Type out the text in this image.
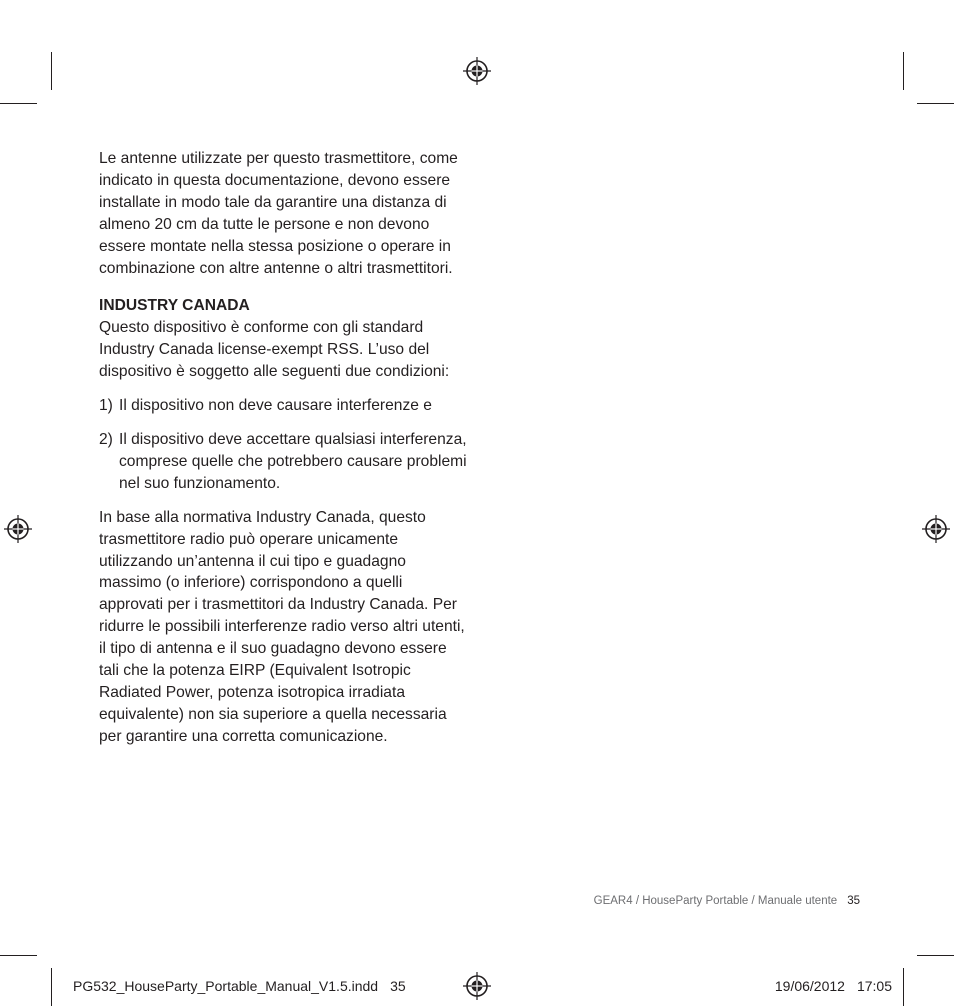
Le antenne utilizzate per questo trasmettitore, come indicato in questa documentazione, devono essere installate in modo tale da garantire una distanza di almeno 20 cm da tutte le persone e non devono essere montate nella stessa posizione o operare in combinazione con altre antenne o altri trasmettitori.

INDUSTRY CANADA

Questo dispositivo è conforme con gli standard Industry Canada license-exempt RSS. L’uso del dispositivo è soggetto alle seguenti due condizioni:

1) Il dispositivo non deve causare interferenze e
2) Il dispositivo deve accettare qualsiasi interferenza, comprese quelle che potrebbero causare problemi nel suo funzionamento.

In base alla normativa Industry Canada, questo trasmettitore radio può operare unicamente utilizzando un’antenna il cui tipo e guadagno massimo (o inferiore) corrispondono a quelli approvati per i trasmettitori da Industry Canada. Per ridurre le possibili interferenze radio verso altri utenti, il tipo di antenna e il suo guadagno devono essere tali che la potenza EIRP (Equivalent Isotropic Radiated Power, potenza isotropica irradiata equivalente) non sia superiore a quella necessaria per garantire una corretta comunicazione.

GEAR4 / HouseParty Portable / Manuale utente 35
PG532_HouseParty_Portable_Manual_V1.5.indd 35	19/06/2012 17:05
